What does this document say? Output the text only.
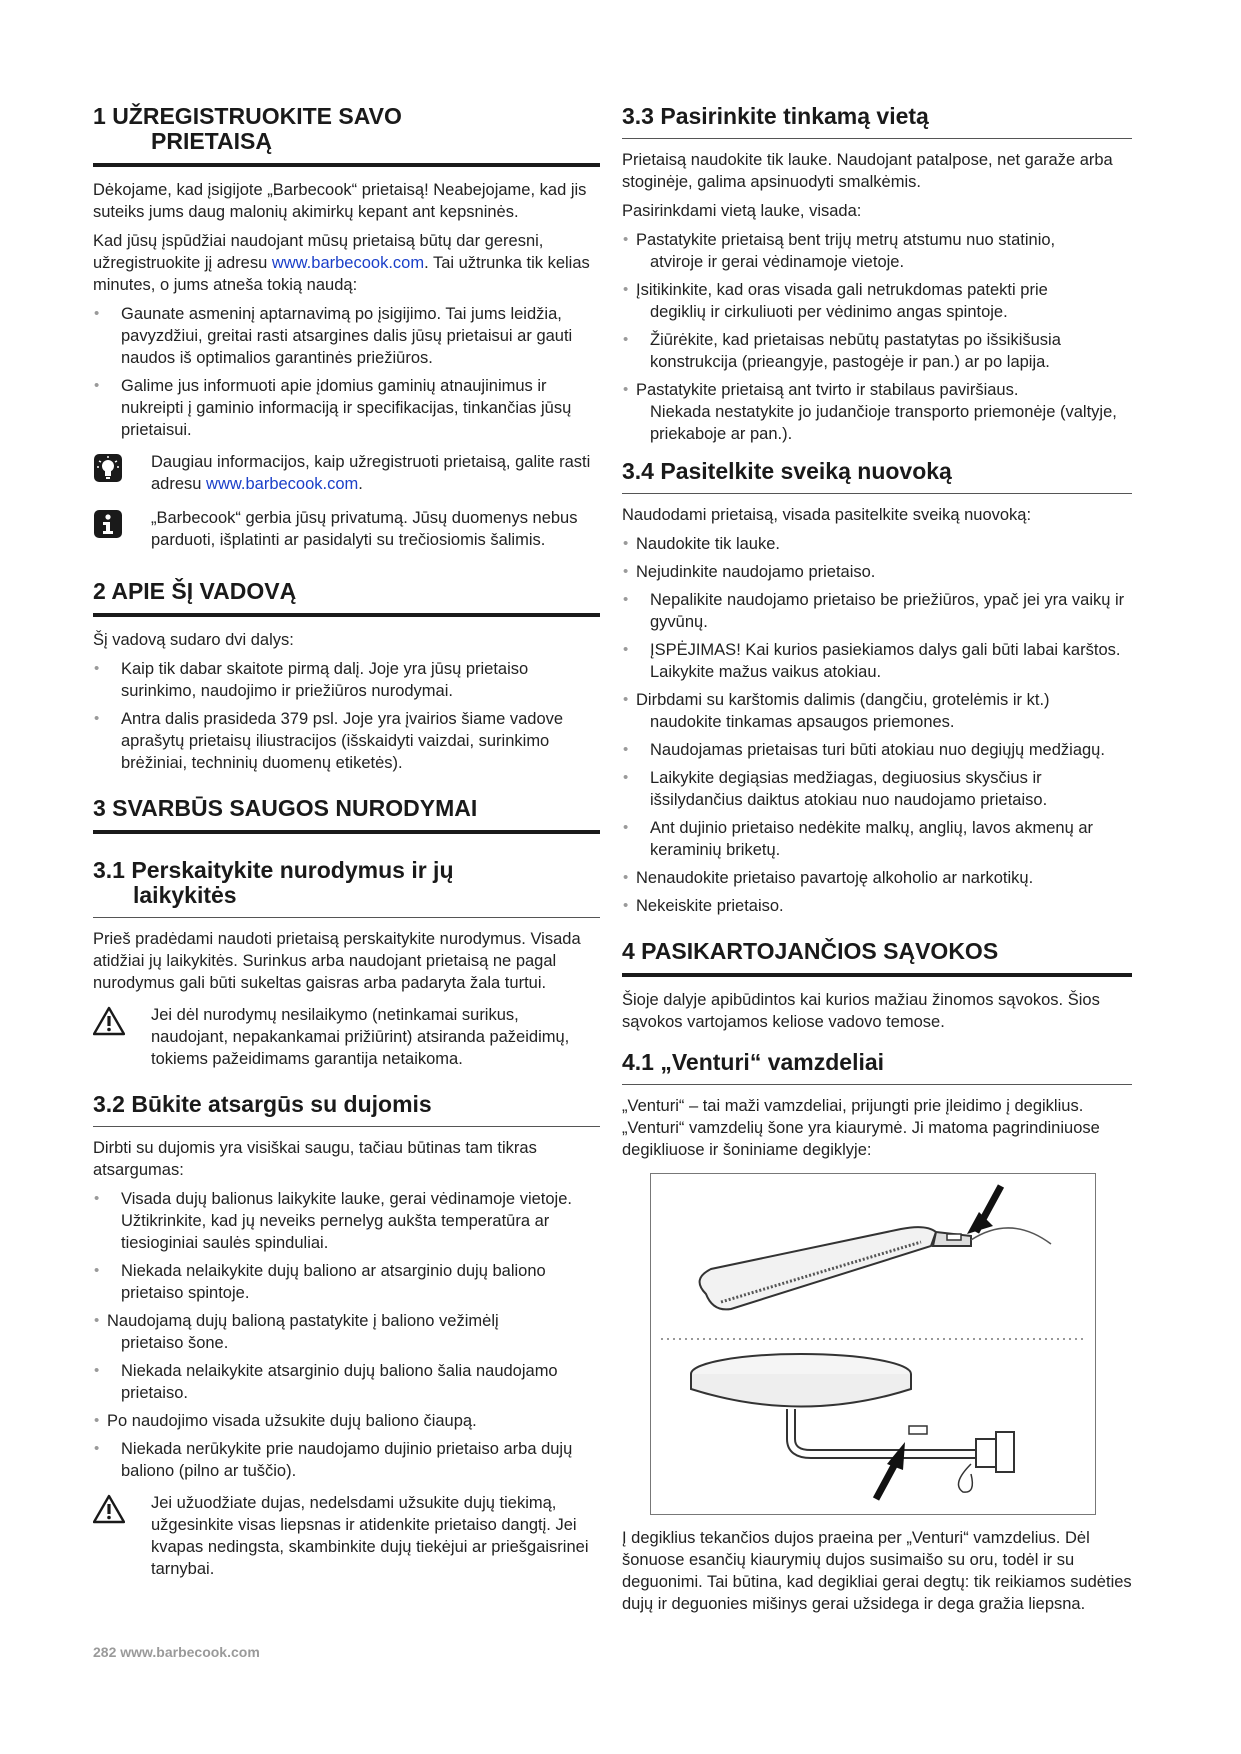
1 UŽREGISTRUOKITE SAVO
PRIETAISĄ

Dėkojame, kad įsigijote „Barbecook“ prietaisą! Neabejojame, kad jis suteiks jums daug malonių akimirkų kepant ant kepsninės.

Kad jūsų įspūdžiai naudojant mūsų prietaisą būtų dar geresni, užregistruokite jį adresu www.barbecook.com. Tai užtrunka tik kelias minutes, o jums atneša tokią naudą:

• Gaunate asmeninį aptarnavimą po įsigijimo. Tai jums leidžia, pavyzdžiui, greitai rasti atsargines dalis jūsų prietaisui ar gauti naudos iš optimalios garantinės priežiūros.
• Galime jus informuoti apie įdomius gaminių atnaujinimus ir nukreipti į gaminio informaciją ir specifikacijas, tinkančias jūsų prietaisui.

Daugiau informacijos, kaip užregistruoti prietaisą, galite rasti adresu www.barbecook.com.

„Barbecook“ gerbia jūsų privatumą. Jūsų duomenys nebus parduoti, išplatinti ar pasidalyti su trečiosiomis šalimis.

2 APIE ŠĮ VADOVĄ

Šį vadovą sudaro dvi dalys:

• Kaip tik dabar skaitote pirmą dalį. Joje yra jūsų prietaiso surinkimo, naudojimo ir priežiūros nurodymai.
• Antra dalis prasideda 379 psl. Joje yra įvairios šiame vadove aprašytų prietaisų iliustracijos (išskaidyti vaizdai, surinkimo brėžiniai, techninių duomenų etiketės).
3 SVARBŪS SAUGOS NURODYMAI
3.1 Perskaitykite nurodymus ir jų
laikykitės

Prieš pradėdami naudoti prietaisą perskaitykite nurodymus. Visada atidžiai jų laikykitės. Surinkus arba naudojant prietaisą ne pagal nurodymus gali būti sukeltas gaisras arba padaryta žala turtui.

Jei dėl nurodymų nesilaikymo (netinkamai surikus, naudojant, nepakankamai prižiūrint) atsiranda pažeidimų, tokiems pažeidimams garantija netaikoma.

3.2 Būkite atsargūs su dujomis

Dirbti su dujomis yra visiškai saugu, tačiau būtinas tam tikras atsargumas:

• Visada dujų balionus laikykite lauke, gerai vėdinamoje vietoje. Užtikrinkite, kad jų neveiks pernelyg aukšta temperatūra ar tiesioginiai saulės spinduliai.
• Niekada nelaikykite dujų baliono ar atsarginio dujų baliono prietaiso spintoje.
• Naudojamą dujų balioną pastatykite į baliono vežimėlį
prietaiso šone.
• Niekada nelaikykite atsarginio dujų baliono šalia naudojamo prietaiso.
• Po naudojimo visada užsukite dujų baliono čiaupą.
• Niekada nerūkykite prie naudojamo dujinio prietaiso arba dujų baliono (pilno ar tuščio).

Jei užuodžiate dujas, nedelsdami užsukite dujų tiekimą, užgesinkite visas liepsnas ir atidenkite prietaiso dangtį. Jei kvapas nedingsta, skambinkite dujų tiekėjui ar priešgaisrinei tarnybai.

3.3 Pasirinkite tinkamą vietą

Prietaisą naudokite tik lauke. Naudojant patalpose, net garaže arba stoginėje, galima apsinuodyti smalkėmis.

Pasirinkdami vietą lauke, visada:

• Pastatykite prietaisą bent trijų metrų atstumu nuo statinio,
atviroje ir gerai vėdinamoje vietoje.
• Įsitikinkite, kad oras visada gali netrukdomas patekti prie
degiklių ir cirkuliuoti per vėdinimo angas spintoje.
• Žiūrėkite, kad prietaisas nebūtų pastatytas po išsikišusia konstrukcija (prieangyje, pastogėje ir pan.) ar po lapija.
• Pastatykite prietaisą ant tvirto ir stabilaus paviršiaus.
Niekada nestatykite jo judančioje transporto priemonėje (valtyje, priekaboje ar pan.).
3.4 Pasitelkite sveiką nuovoką

Naudodami prietaisą, visada pasitelkite sveiką nuovoką:

• Naudokite tik lauke.
• Nejudinkite naudojamo prietaiso.
• Nepalikite naudojamo prietaiso be priežiūros, ypač jei yra vaikų ir gyvūnų.
• ĮSPĖJIMAS! Kai kurios pasiekiamos dalys gali būti labai karštos. Laikykite mažus vaikus atokiau.
• Dirbdami su karštomis dalimis (dangčiu, grotelėmis ir kt.)
naudokite tinkamas apsaugos priemones.
• Naudojamas prietaisas turi būti atokiau nuo degiųjų medžiagų.
• Laikykite degiąsias medžiagas, degiuosius skysčius ir išsilydančius daiktus atokiau nuo naudojamo prietaiso.
• Ant dujinio prietaiso nedėkite malkų, anglių, lavos akmenų ar keraminių briketų.
• Nenaudokite prietaiso pavartoję alkoholio ar narkotikų.
• Nekeiskite prietaiso.
4 PASIKARTOJANČIOS SĄVOKOS

Šioje dalyje apibūdintos kai kurios mažiau žinomos sąvokos. Šios sąvokos vartojamos keliose vadovo temose.

4.1 „Venturi“ vamzdeliai

„Venturi“ – tai maži vamzdeliai, prijungti prie įleidimo į degiklius. „Venturi“ vamzdelių šone yra kiaurymė. Ji matoma pagrindiniuose degikliuose ir šoniniame degiklyje:

Į degiklius tekančios dujos praeina per „Venturi“ vamzdelius. Dėl šonuose esančių kiaurymių dujos susimaišo su oru, todėl ir su deguonimi. Tai būtina, kad degikliai gerai degtų: tik reikiamos sudėties dujų ir deguonies mišinys gerai užsidega ir dega gražia liepsna.

282 www.barbecook.com
